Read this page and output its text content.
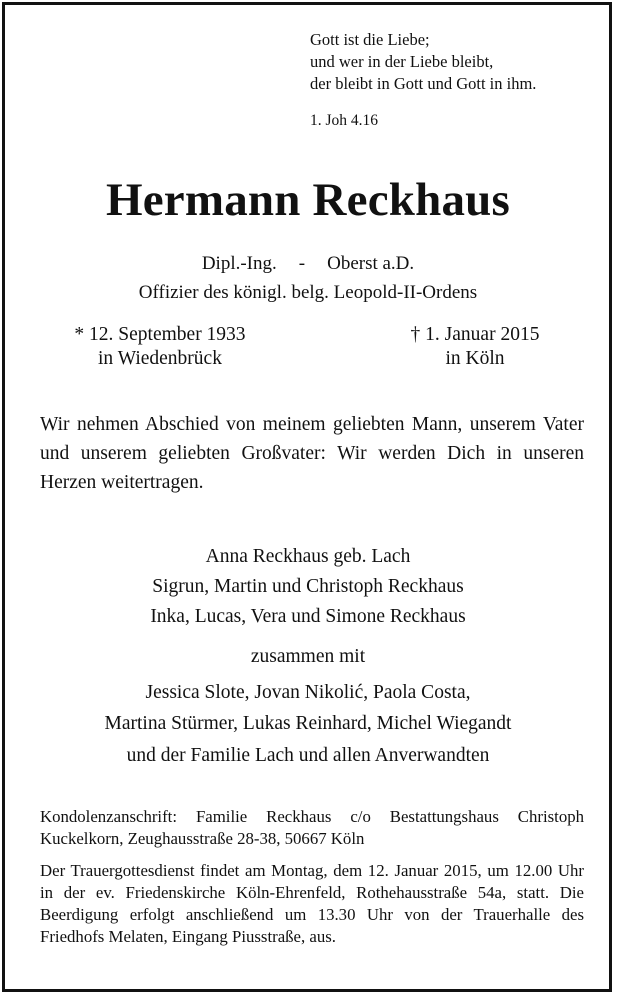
Gott ist die Liebe;
und wer in der Liebe bleibt,
der bleibt in Gott und Gott in ihm.
1. Joh 4.16
Hermann Reckhaus
Dipl.-Ing. - Oberst a.D.
Offizier des königl. belg. Leopold-II-Ordens
* 12. September 1933
in Wiedenbrück
† 1. Januar 2015
in Köln
Wir nehmen Abschied von meinem geliebten Mann, unserem Vater und unserem geliebten Großvater: Wir werden Dich in unseren Herzen weitertragen.
Anna Reckhaus geb. Lach
Sigrun, Martin und Christoph Reckhaus
Inka, Lucas, Vera und Simone Reckhaus
zusammen mit
Jessica Slote, Jovan Nikolić, Paola Costa,
Martina Stürmer, Lukas Reinhard, Michel Wiegandt
und der Familie Lach und allen Anverwandten
Kondolenzanschrift: Familie Reckhaus c/o Bestattungshaus Christoph Kuckelkorn, Zeughausstraße 28-38, 50667 Köln
Der Trauergottesdienst findet am Montag, dem 12. Januar 2015, um 12.00 Uhr in der ev. Friedenskirche Köln-Ehrenfeld, Rothehausstraße 54a, statt. Die Beerdigung erfolgt anschließend um 13.30 Uhr von der Trauerhalle des Friedhofs Melaten, Eingang Piusstraße, aus.
